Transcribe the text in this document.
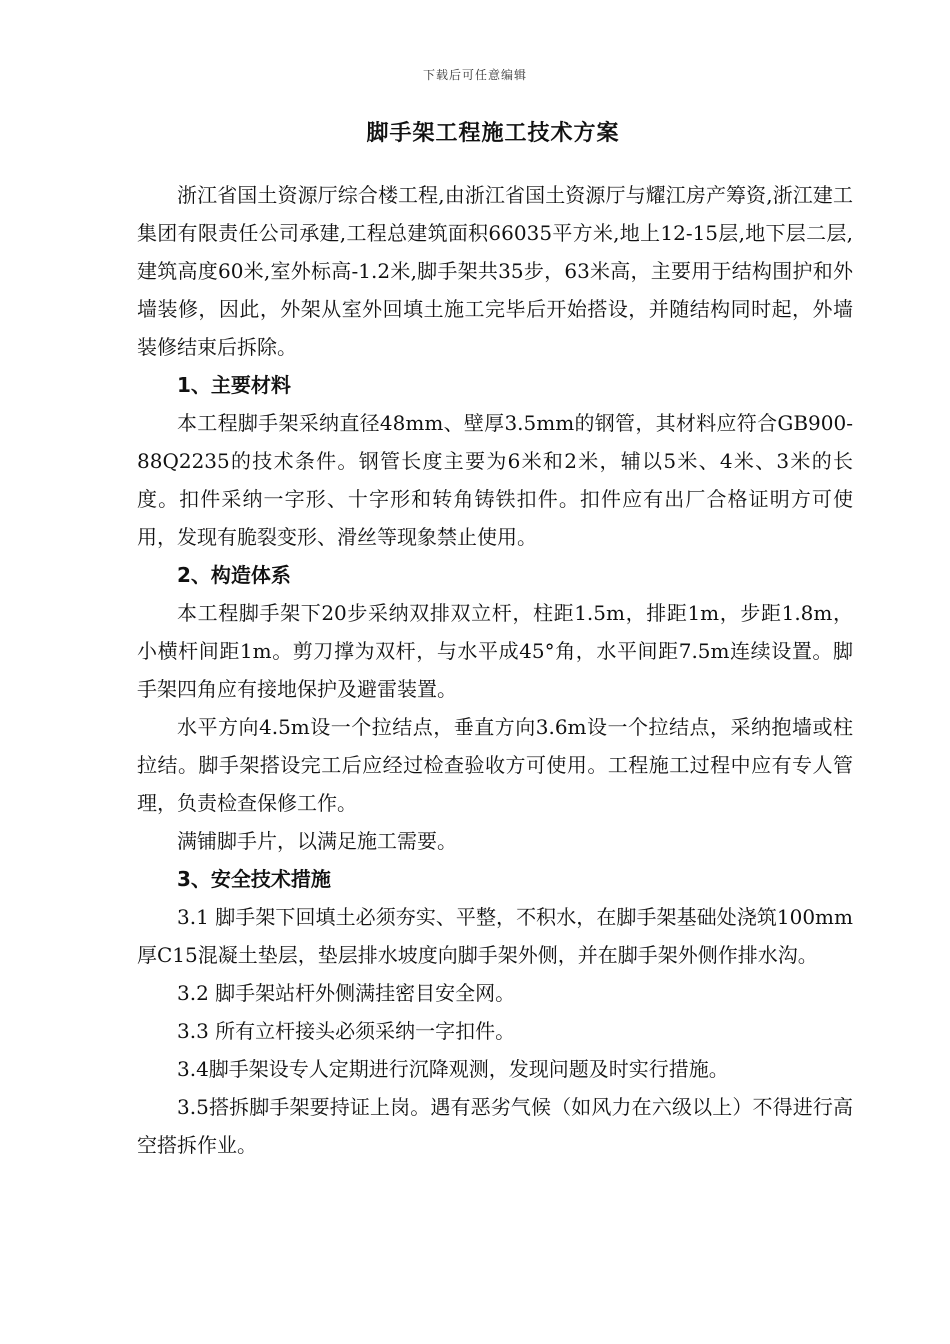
下载后可任意编辑
脚手架工程施工技术方案

浙江省国土资源厅综合楼工程,由浙江省国土资源厅与耀江房产筹资,浙江建工集团有限责任公司承建,工程总建筑面积66035平方米,地上12-15层,地下层二层,建筑高度60米,室外标高-1.2米,脚手架共35步，63米高，主要用于结构围护和外墙装修，因此，外架从室外回填土施工完毕后开始搭设，并随结构同时起，外墙装修结束后拆除。

1、主要材料

本工程脚手架采纳直径48mm、壁厚3.5mm的钢管，其材料应符合GB900-88Q2235的技术条件。钢管长度主要为6米和2米，辅以5米、4米、3米的长度。扣件采纳一字形、十字形和转角铸铁扣件。扣件应有出厂合格证明方可使用，发现有脆裂变形、滑丝等现象禁止使用。

2、构造体系

本工程脚手架下20步采纳双排双立杆，柱距1.5m，排距1m，步距1.8m，小横杆间距1m。剪刀撑为双杆，与水平成45°角，水平间距7.5m连续设置。脚手架四角应有接地保护及避雷装置。

水平方向4.5m设一个拉结点，垂直方向3.6m设一个拉结点，采纳抱墙或柱拉结。脚手架搭设完工后应经过检查验收方可使用。工程施工过程中应有专人管理，负责检查保修工作。

满铺脚手片，以满足施工需要。

3、安全技术措施

3.1 脚手架下回填土必须夯实、平整，不积水，在脚手架基础处浇筑100mm厚C15混凝土垫层，垫层排水坡度向脚手架外侧，并在脚手架外侧作排水沟。

3.2 脚手架站杆外侧满挂密目安全网。

3.3 所有立杆接头必须采纳一字扣件。

3.4脚手架设专人定期进行沉降观测，发现问题及时实行措施。

3.5搭拆脚手架要持证上岗。遇有恶劣气候（如风力在六级以上）不得进行高空搭拆作业。
